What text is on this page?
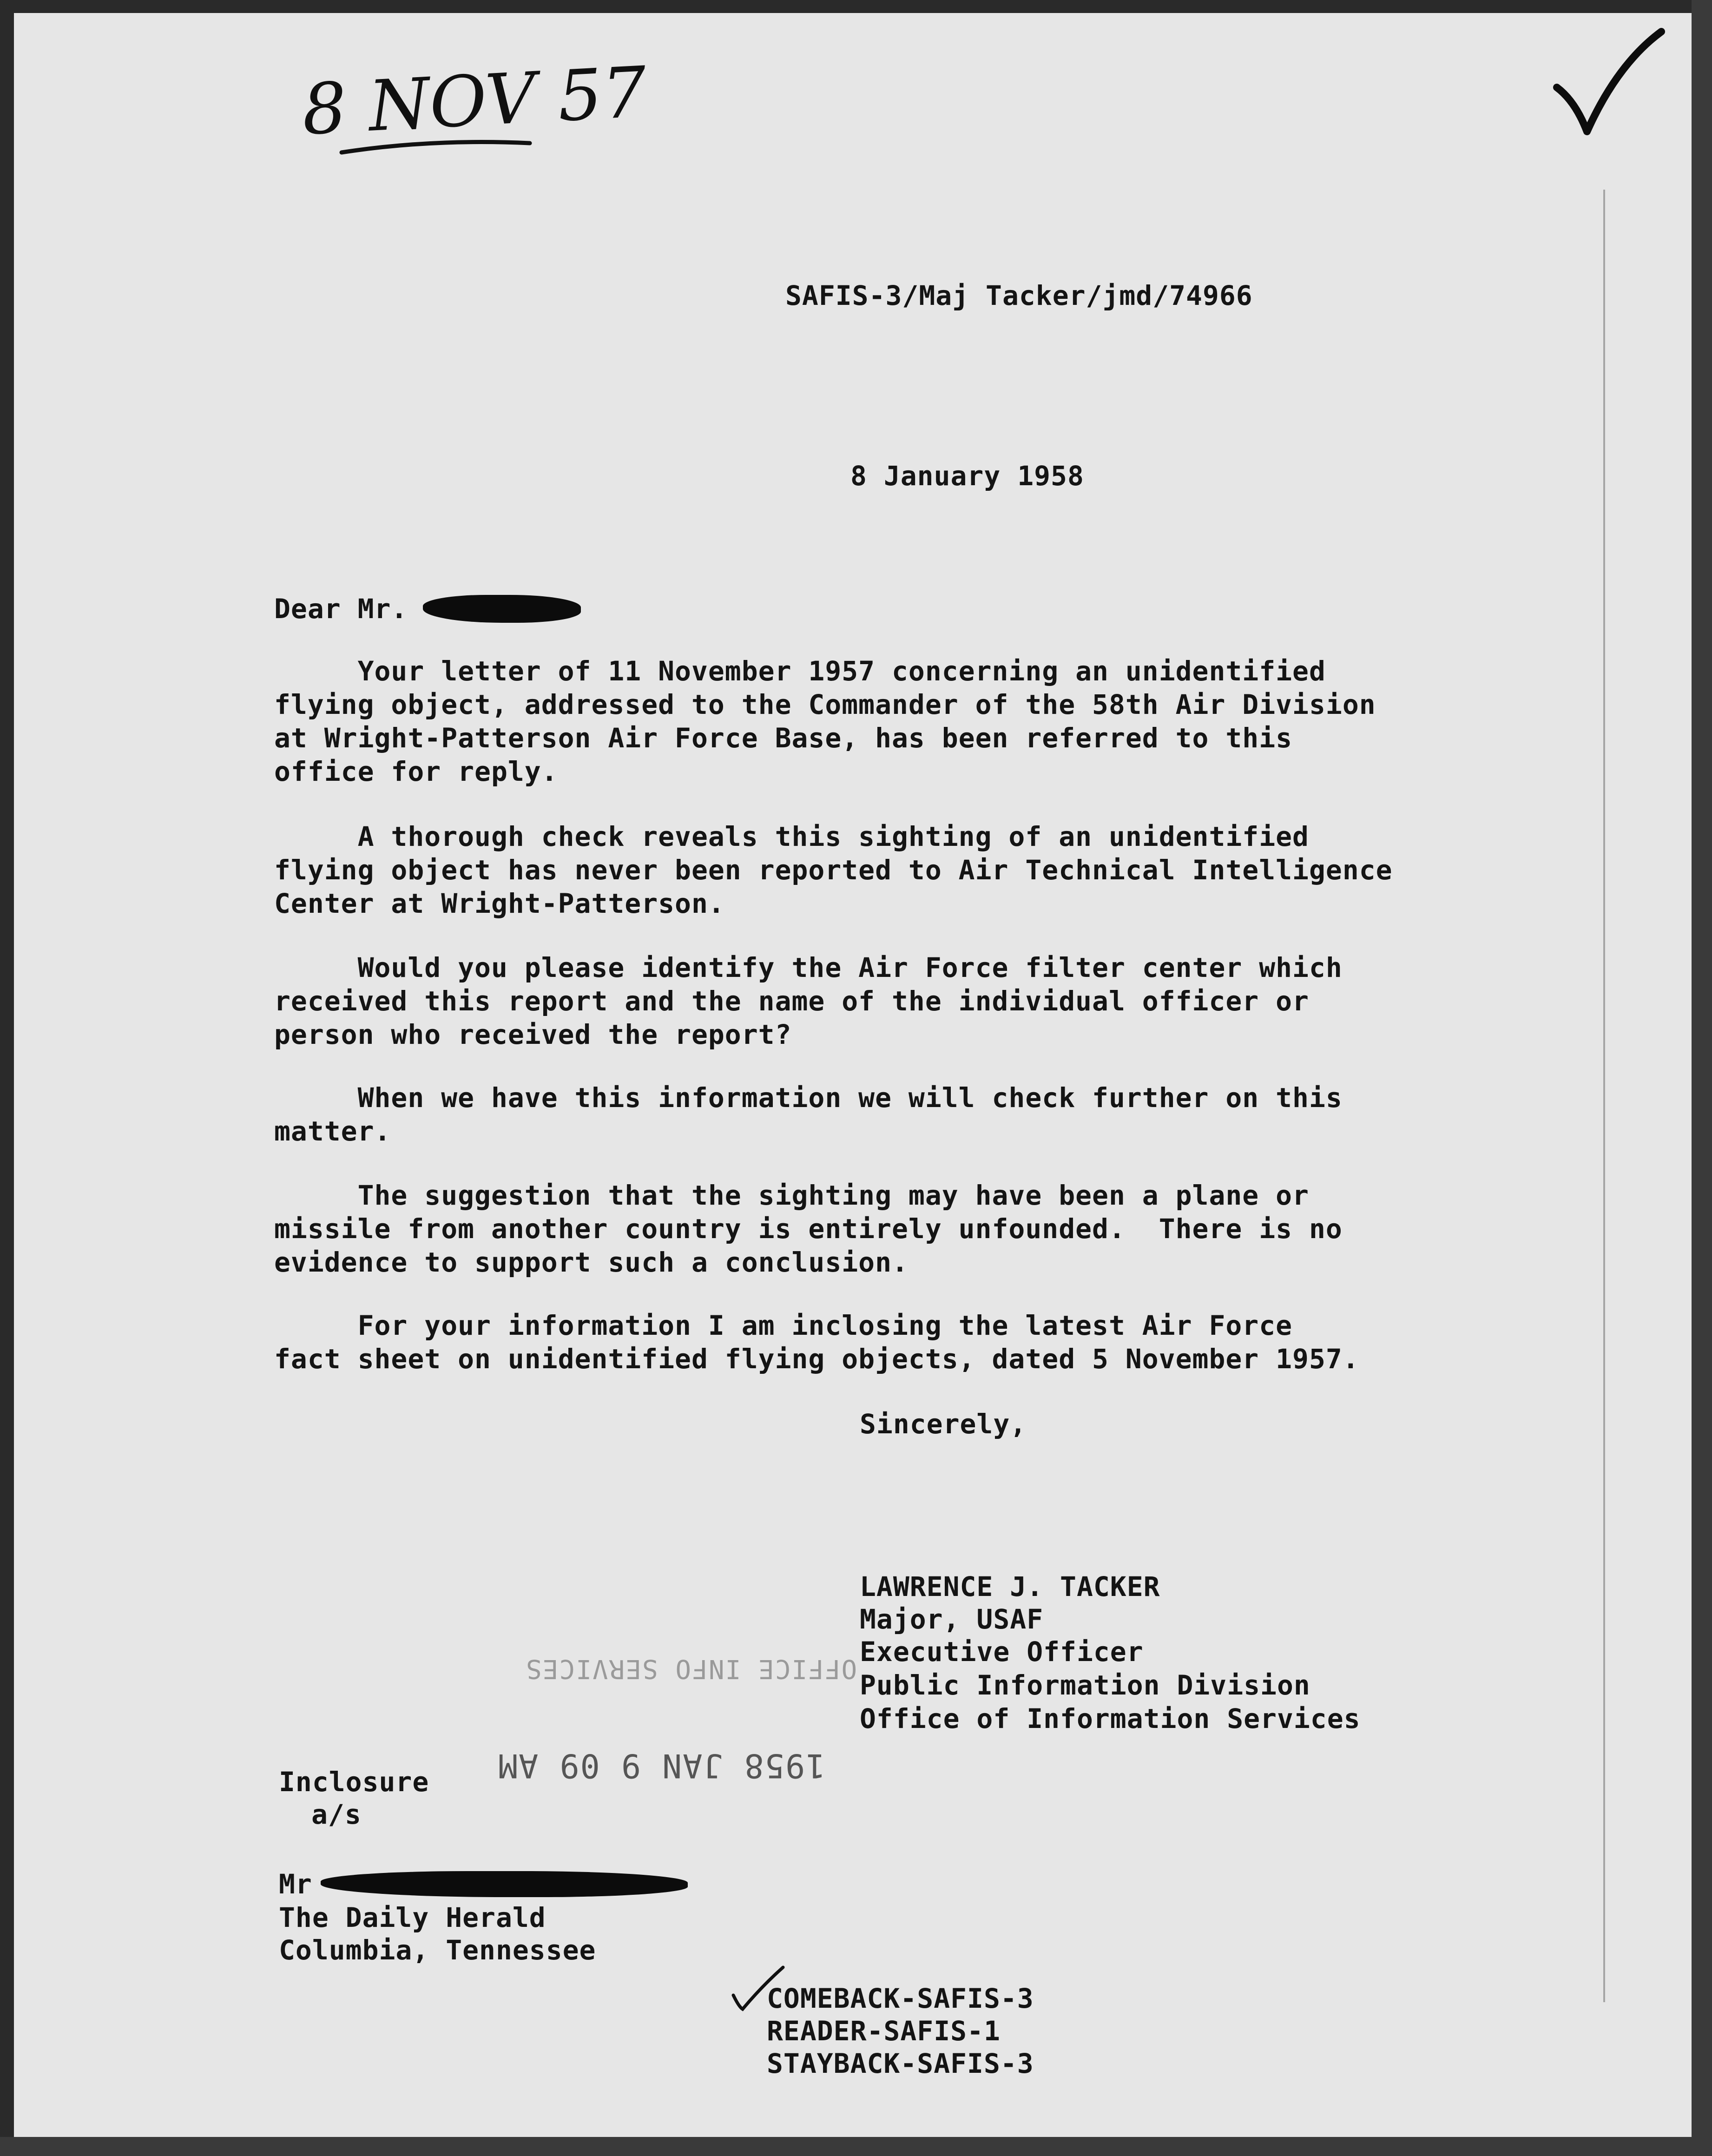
8 NOV 57
SAFIS-3/Maj Tacker/jmd/74966
8 January 1958
Dear Mr.
Your letter of 11 November 1957 concerning an unidentified
flying object, addressed to the Commander of the 58th Air Division
at Wright-Patterson Air Force Base, has been referred to this
office for reply.
A thorough check reveals this sighting of an unidentified
flying object has never been reported to Air Technical Intelligence
Center at Wright-Patterson.
Would you please identify the Air Force filter center which
received this report and the name of the individual officer or
person who received the report?
When we have this information we will check further on this
matter.
The suggestion that the sighting may have been a plane or
missile from another country is entirely unfounded.  There is no
evidence to support such a conclusion.
For your information I am inclosing the latest Air Force
fact sheet on unidentified flying objects, dated 5 November 1957.
Sincerely,
LAWRENCE J. TACKER
Major, USAF
Executive Officer
Public Information Division
Office of Information Services
OFFICE INFO SERVICES
1958 JAN 9 09 AM
Inclosure
a/s
Mr
The Daily Herald
Columbia, Tennessee
COMEBACK-SAFIS-3
READER-SAFIS-1
STAYBACK-SAFIS-3
